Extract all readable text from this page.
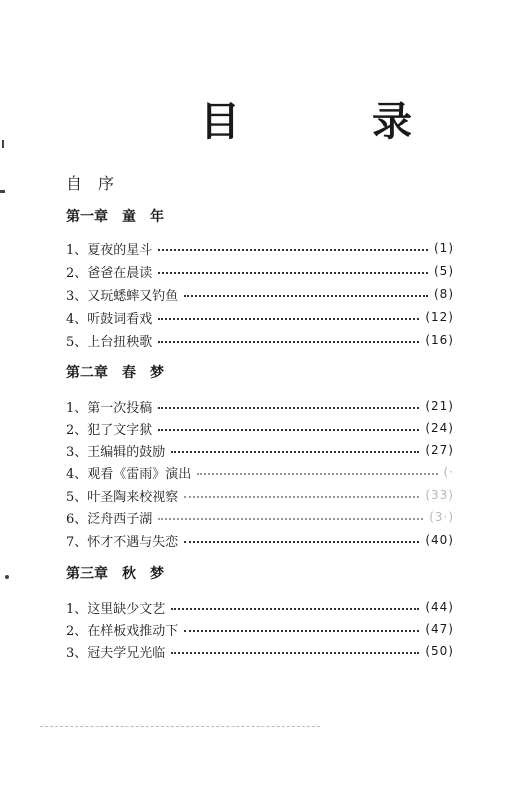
目　录
自序
第一章 童年
1、夏夜的星斗	(1)
2、爸爸在晨读	(5)
3、又玩蟋蟀又钓鱼	(8)
4、听鼓词看戏	(12)
5、上台扭秧歌	(16)
第二章 春梦
1、第一次投稿	(21)
2、犯了文字狱	(24)
3、王编辑的鼓励	(27)
4、观看《雷雨》演出	(·
5、叶圣陶来校视察	(33)
6、泛舟西子湖	(3·)
7、怀才不遇与失恋	(40)
第三章 秋梦
1、这里缺少文艺	(44)
2、在样板戏推动下	(47)
3、冠夫学兄光临	(50)
